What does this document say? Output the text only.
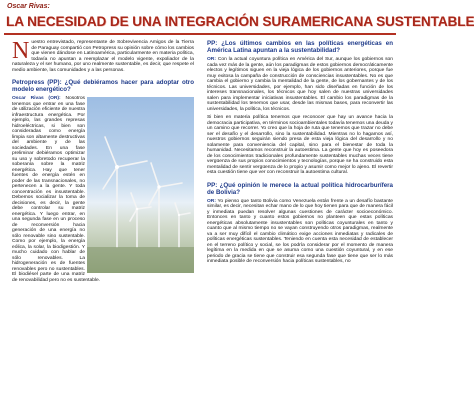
Oscar Rivas:
LA NECESIDAD DE UNA INTEGRACIÓN SURAMERICANA SUSTENTABLE

Nuestro entrevistado, representante de Sobrevivencia Amigos de la Tierra de Paraguay compartió con Petropress su opinión sobre cómo los cambios que vienen dándose en Latinoamérica, particularmente en materia política, todavía no apuntan a reemplazar el modelo vigente, expoliador de la naturaleza y el ser humano, por uno realmente sustentable, es decir, que respete el medio ambiente, las comunidades y a las personas.

Petropress (PP): ¿Qué debiéramos hacer para adoptar otro modelo energético?

Oscar Rivas (OR): Nosotros tenemos que entrar en una fase de utilización eficiente de nuestra infraestructura energética. Por ejemplo, las grandes represas hidroeléctricas, si bien son consideradas como energía limpia son altamente destructivas del ambiente y de las sociedades. En una fase preliminar debiéramos optimizar su uso y sobretodo recuperar la soberanía sobre la matriz energética. Hay que tener fuentes de energía estén en poder de las transnacionales, no pertenecen a la gente. Y toda concentración es insustentable. Debemos socializar la toma de decisiones, es decir, la gente debe controlar su matriz energética. Y luego entrar, en una segunda fase en un proceso de reconversión hacia generación de una energía no sólo renovable sino sustentable. Como por ejemplo, la energía eólica, la solar, la biodigestión. Y mucho cuidado con hablar de sólo renovables. La hidrogeneración es de fuentes renovables pero no sustentables. El biodiésel parte de una matriz de renovabilidad pero no es sustentable.

PP: ¿Los últimos cambios en las políticas energéticas en América Latina apuntan a la sustentabilidad?

OR: Con la actual coyuntura política en América del Sur, aunque los gobiernos son cada vez más de la gente, aún los paradigmas de estos gobiernos democráticamente electos y legítimos siguen en la vieja lógica de los gobiernos anteriores, porque fue muy exitosa la campaña de construcción de consciencias insustentables. No es que cambia el gobierno y cambia la mentalidad de la gente, de los gobernantes y de los técnicos. Las universidades, por ejemplo, han sido diseñadas en función de los intereses transnacionales, los técnicos que hoy salen de nuestras universidades salen para implementar iniciativas insustentables. El cambio los paradigmas de la sustentabilidad los tenemos que usar, desde las mismas bases, para reconvertir las universidades, la política, los técnicos.

Si bien en materia política tenemos que reconocer que hay un avance hacia la democracia participativa, en términos socioambientales todavía tenemos una deuda y un camino que recorrer. Yo creo que la hoja de ruta que tenemos que trazar no debe ser el desafío y el desarrollo, sino la sustentabilidad. Mientras no lo hagamos así, nuestros gobiernos seguirán siendo presa de esta vieja lógica del desarrollo y no solamente para conveniencia del capital, sino para el bienestar de toda la humanidad. Necesitamos reconstruir la autoestima. La gente que hoy es poseedora de los conocimientos tradicionales profundamente sustentables muchas veces tiene vergüenza de sus propios conocimientos y tecnologías, porque se ha construido esta mentalidad de sentir vergüenza de lo propio y asumir como mejor lo ajeno. El revertir esta cuestión tiene que ver con reconstruir la autoestima cultural.

PP: ¿Qué opinión le merece la actual política hidrocarburífera de Bolivia?

OR: Yo pienso que tanto Bolivia como Venezuela están frente a un desafío bastante similar, es decir, necesitan echar mano de lo que hoy tienen para que de manera fácil y inmediata puedan resolver algunas cuestiones de carácter socioeconómico. Entonces en tanto y cuanto estos gobiernos no planteen que estas políticas energéticas absolutamente insustentables son políticas coyunturales en tanto y cuanto que al mismo tiempo no se vayan construyendo otros paradigmas, realmente va a ser muy difícil el cambio climático exige acciones inmediatas y radicales de políticas energéticas sustentables. Teniendo en cuenta esta necesidad de establecer en el terreno político y social, se los podría considerar por el momento de manera legítima en la medida en que se asuma como una cuestión coyuntural, y en ese periodo de gracia se tiene que construir esa segunda fase que tiene que ser lo más inmediata posible de reconversión hacia políticas sustentables, no
